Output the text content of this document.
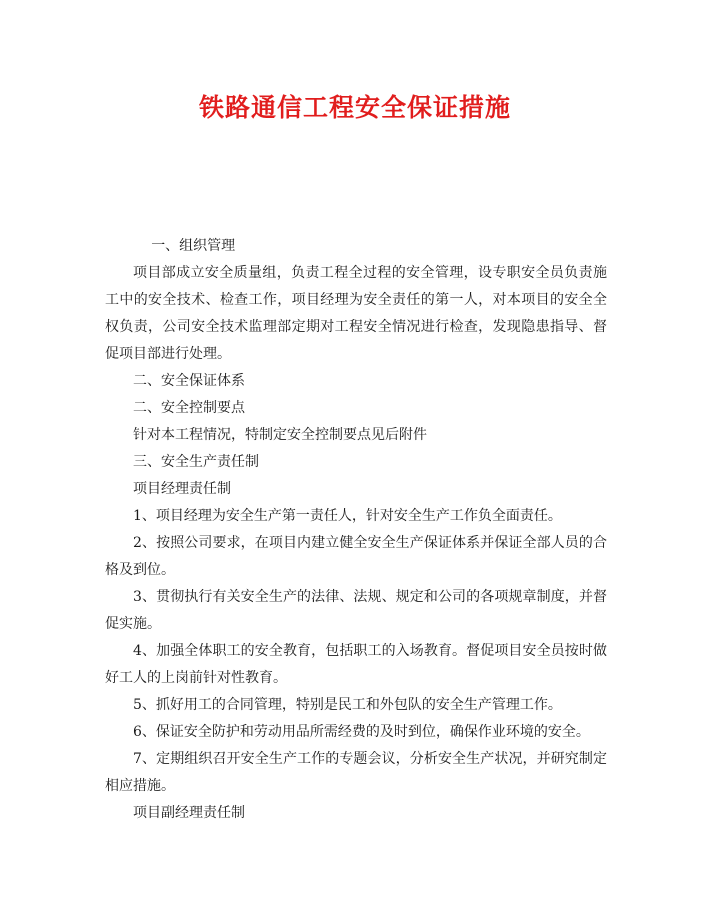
铁路通信工程安全保证措施

一、组织管理

项目部成立安全质量组，负责工程全过程的安全管理，设专职安全员负责施工中的安全技术、检查工作，项目经理为安全责任的第一人，对本项目的安全全权负责，公司安全技术监理部定期对工程安全情况进行检查，发现隐患指导、督促项目部进行处理。

二、安全保证体系

二、安全控制要点

针对本工程情况，特制定安全控制要点见后附件

三、安全生产责任制

项目经理责任制

1、项目经理为安全生产第一责任人，针对安全生产工作负全面责任。

2、按照公司要求，在项目内建立健全安全生产保证体系并保证全部人员的合格及到位。

3、贯彻执行有关安全生产的法律、法规、规定和公司的各项规章制度，并督促实施。

4、加强全体职工的安全教育，包括职工的入场教育。督促项目安全员按时做好工人的上岗前针对性教育。

5、抓好用工的合同管理，特别是民工和外包队的安全生产管理工作。

6、保证安全防护和劳动用品所需经费的及时到位，确保作业环境的安全。

7、定期组织召开安全生产工作的专题会议，分析安全生产状况，并研究制定相应措施。

项目副经理责任制
